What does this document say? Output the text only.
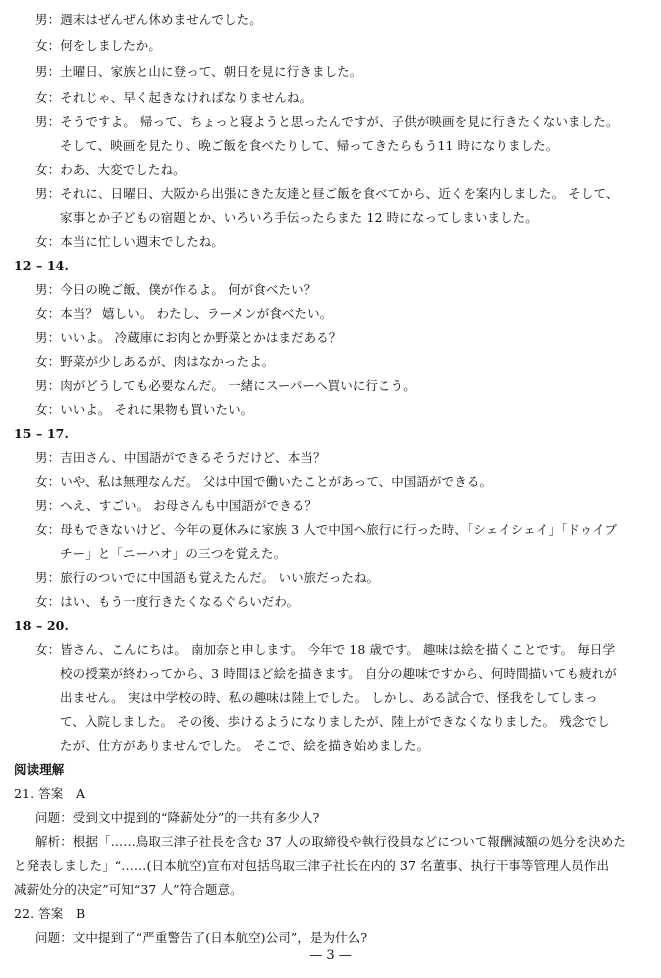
男：週末はぜんぜん休めませんでした。
女：何をしましたか。
男：土曜日、家族と山に登って、朝日を見に行きました。
女：それじゃ、早く起きなければなりませんね。
男：そうですよ。 帰って、ちょっと寝ようと思ったんですが、子供が映画を見に行きたくないました。
そして、映画を見たり、晩ご飯を食べたりして、帰ってきたらもう11 時になりました。
女：わあ、大変でしたね。
男：それに、日曜日、大阪から出張にきた友達と昼ご飯を食べてから、近くを案内しました。 そして、
家事とか子どもの宿題とか、いろいろ手伝ったらまた 12 時になってしまいました。
女：本当に忙しい週末でしたね。
12 – 14.
男：今日の晩ご飯、僕が作るよ。 何が食べたい？
女：本当？ 嬉しい。 わたし、ラーメンが食べたい。
男：いいよ。 冷蔵庫にお肉とか野菜とかはまだある？
女：野菜が少しあるが、肉はなかったよ。
男：肉がどうしても必要なんだ。 一緒にスーパーへ買いに行こう。
女：いいよ。 それに果物も買いたい。
15 – 17.
男：吉田さん、中国語ができるそうだけど、本当？
女：いや、私は無理なんだ。 父は中国で働いたことがあって、中国語ができる。
男：へえ、すごい。 お母さんも中国語ができる？
女：母もできないけど、今年の夏休みに家族 3 人で中国へ旅行に行った時、「シェイシェイ」「ドゥイブ
チー」と「ニーハオ」の三つを覚えた。
男：旅行のついでに中国語も覚えたんだ。 いい旅だったね。
女：はい、もう一度行きたくなるぐらいだわ。
18 – 20.
女：皆さん、こんにちは。 南加奈と申します。 今年で 18 歳です。 趣味は絵を描くことです。 毎日学
校の授業が終わってから、3 時間ほど絵を描きます。 自分の趣味ですから、何時間描いても疲れが
出ません。 実は中学校の時、私の趣味は陸上でした。 しかし、ある試合で、怪我をしてしまっ
て、入院しました。 その後、歩けるようになりましたが、陸上ができなくなりました。 残念でし
たが、仕方がありませんでした。 そこで、絵を描き始めました。
阅读理解
21. 答案　A
问题：受到文中提到的“降薪处分”的一共有多少人?
解析：根据「……鳥取三津子社長を含む 37 人の取締役や執行役員などについて報酬減額の処分を決めた
と発表しました」“……(日本航空)宣布对包括鸟取三津子社长在内的 37 名董事、执行干事等管理人员作出
减薪处分的决定”可知“37 人”符合题意。
22. 答案　B
问题：文中提到了“严重警告了(日本航空)公司”，是为什么?
— 3 —
